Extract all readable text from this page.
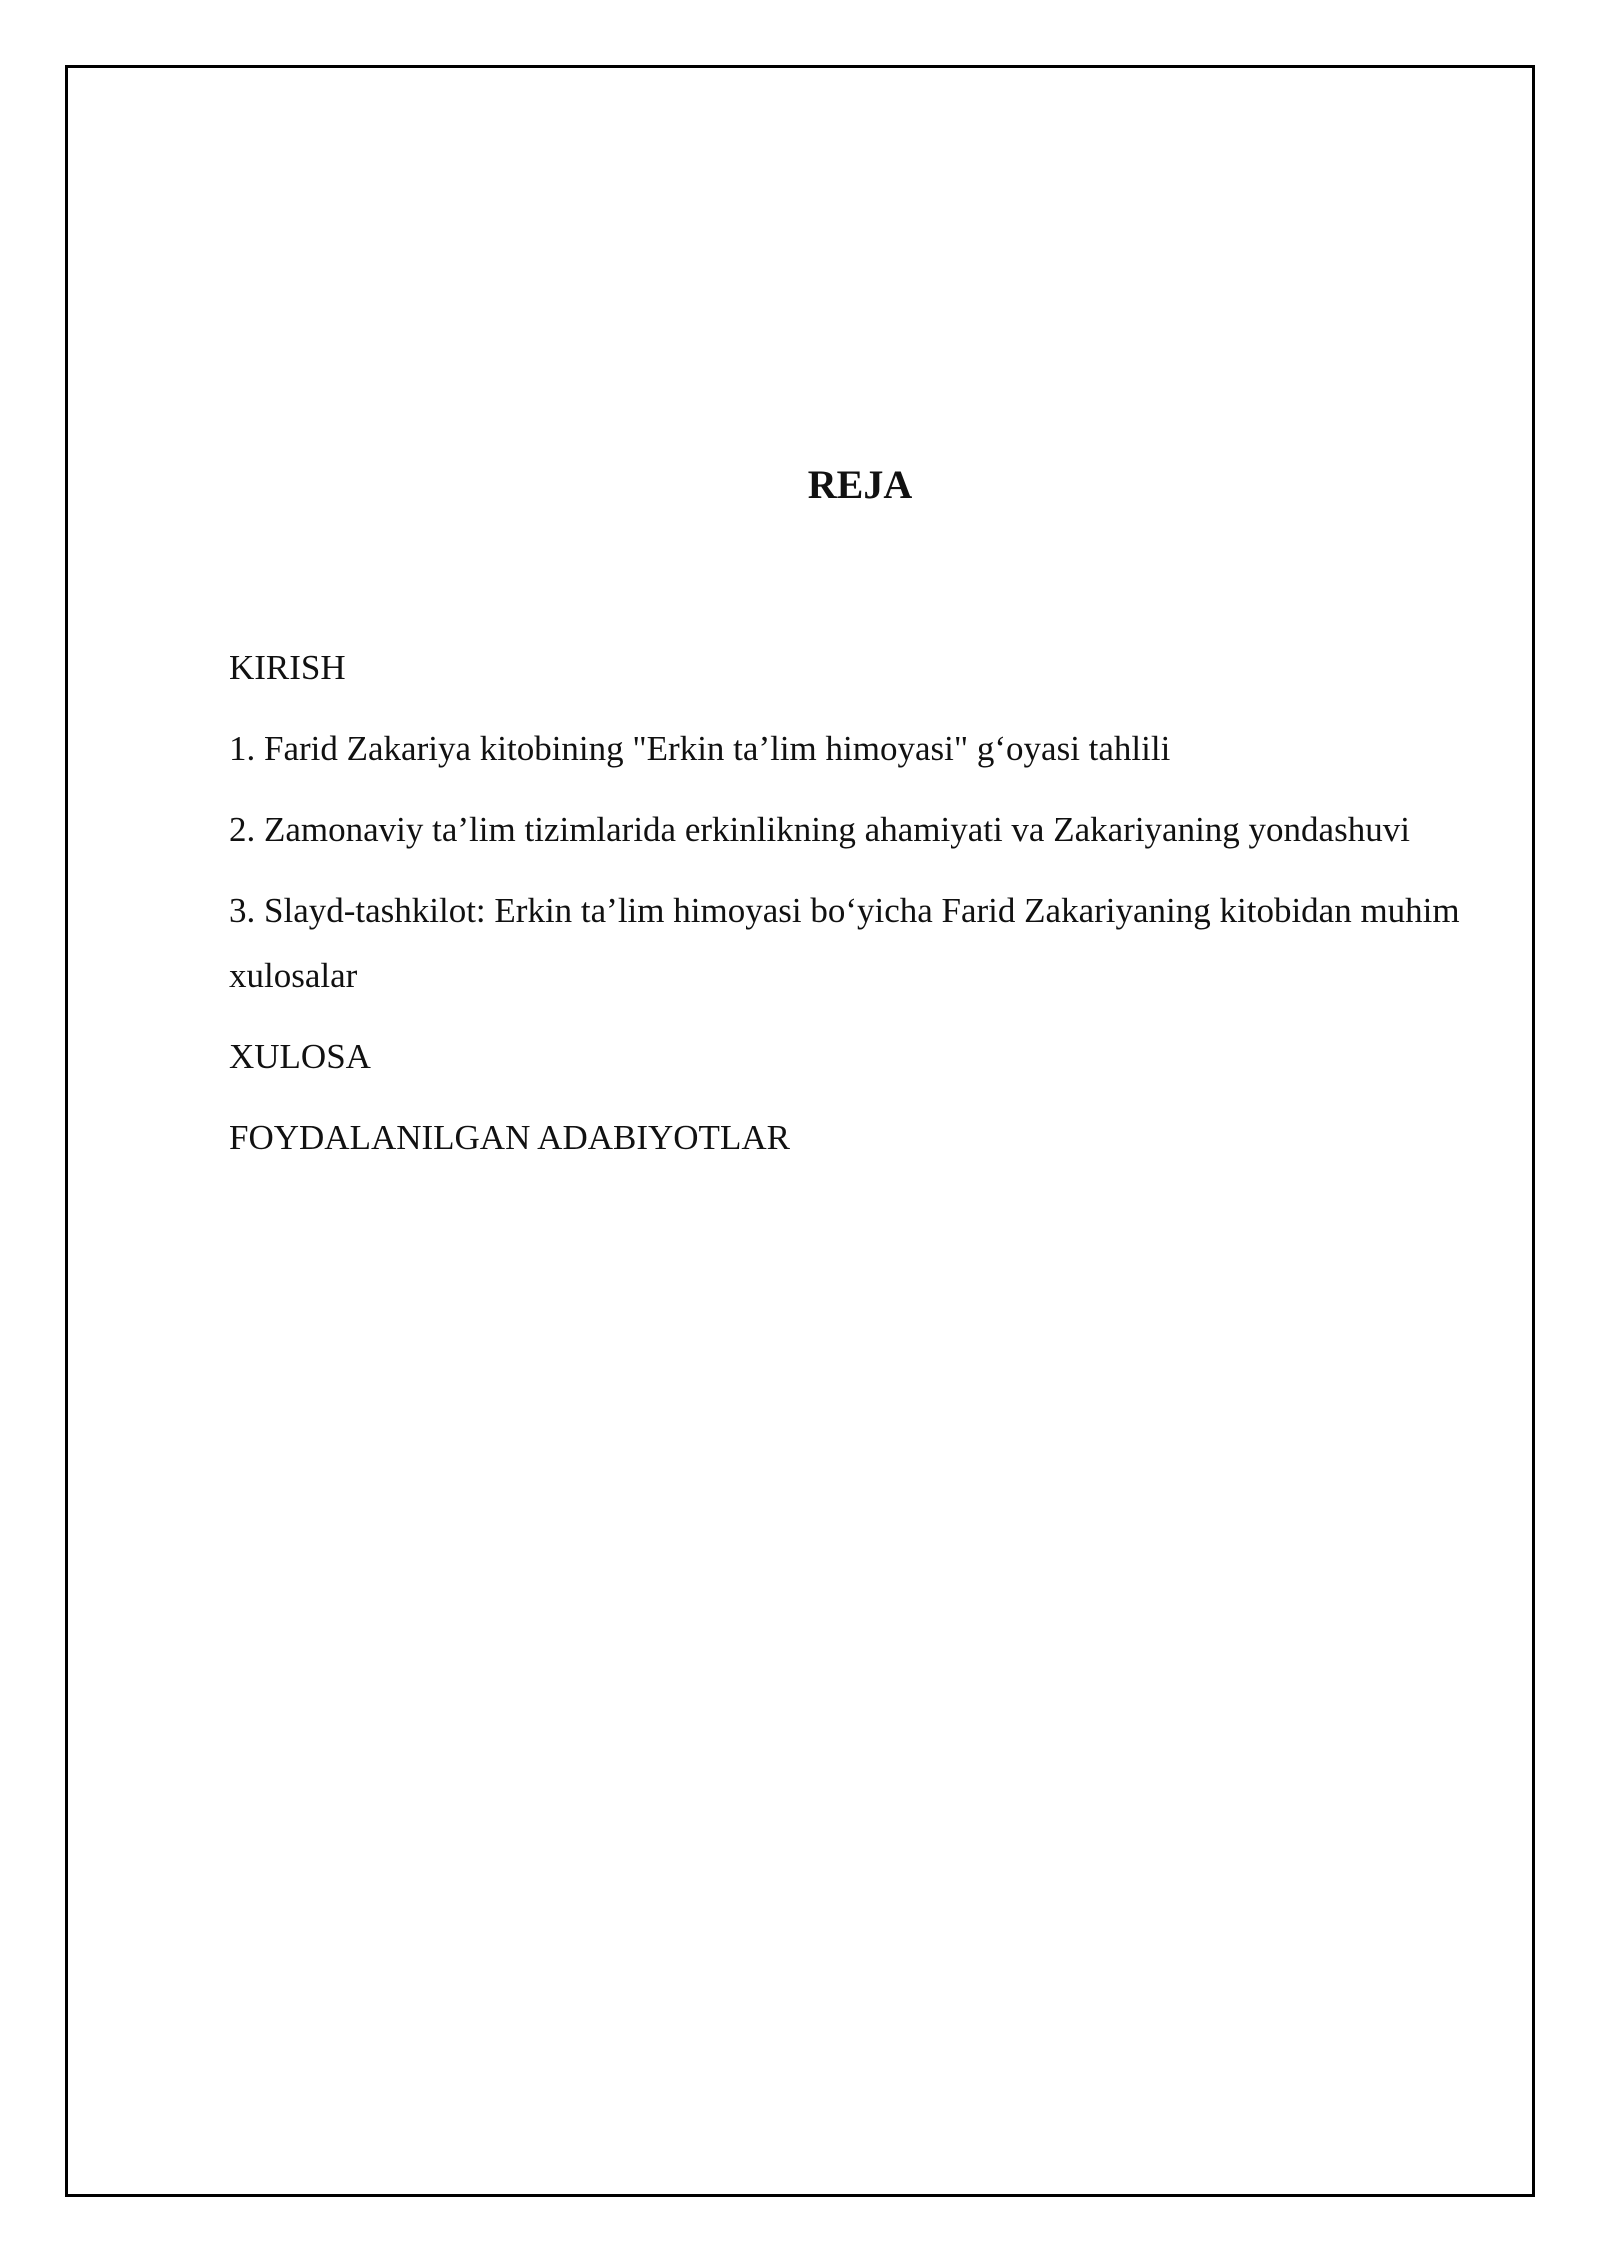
REJA
KIRISH
1. Farid Zakariya kitobining "Erkin ta’lim himoyasi" g‘oyasi tahlili
2. Zamonaviy ta’lim tizimlarida erkinlikning ahamiyati va Zakariyaning yondashuvi
3. Slayd-tashkilot: Erkin ta’lim himoyasi bo‘yicha Farid Zakariyaning kitobidan muhim xulosalar
XULOSA
FOYDALANILGAN ADABIYOTLAR
